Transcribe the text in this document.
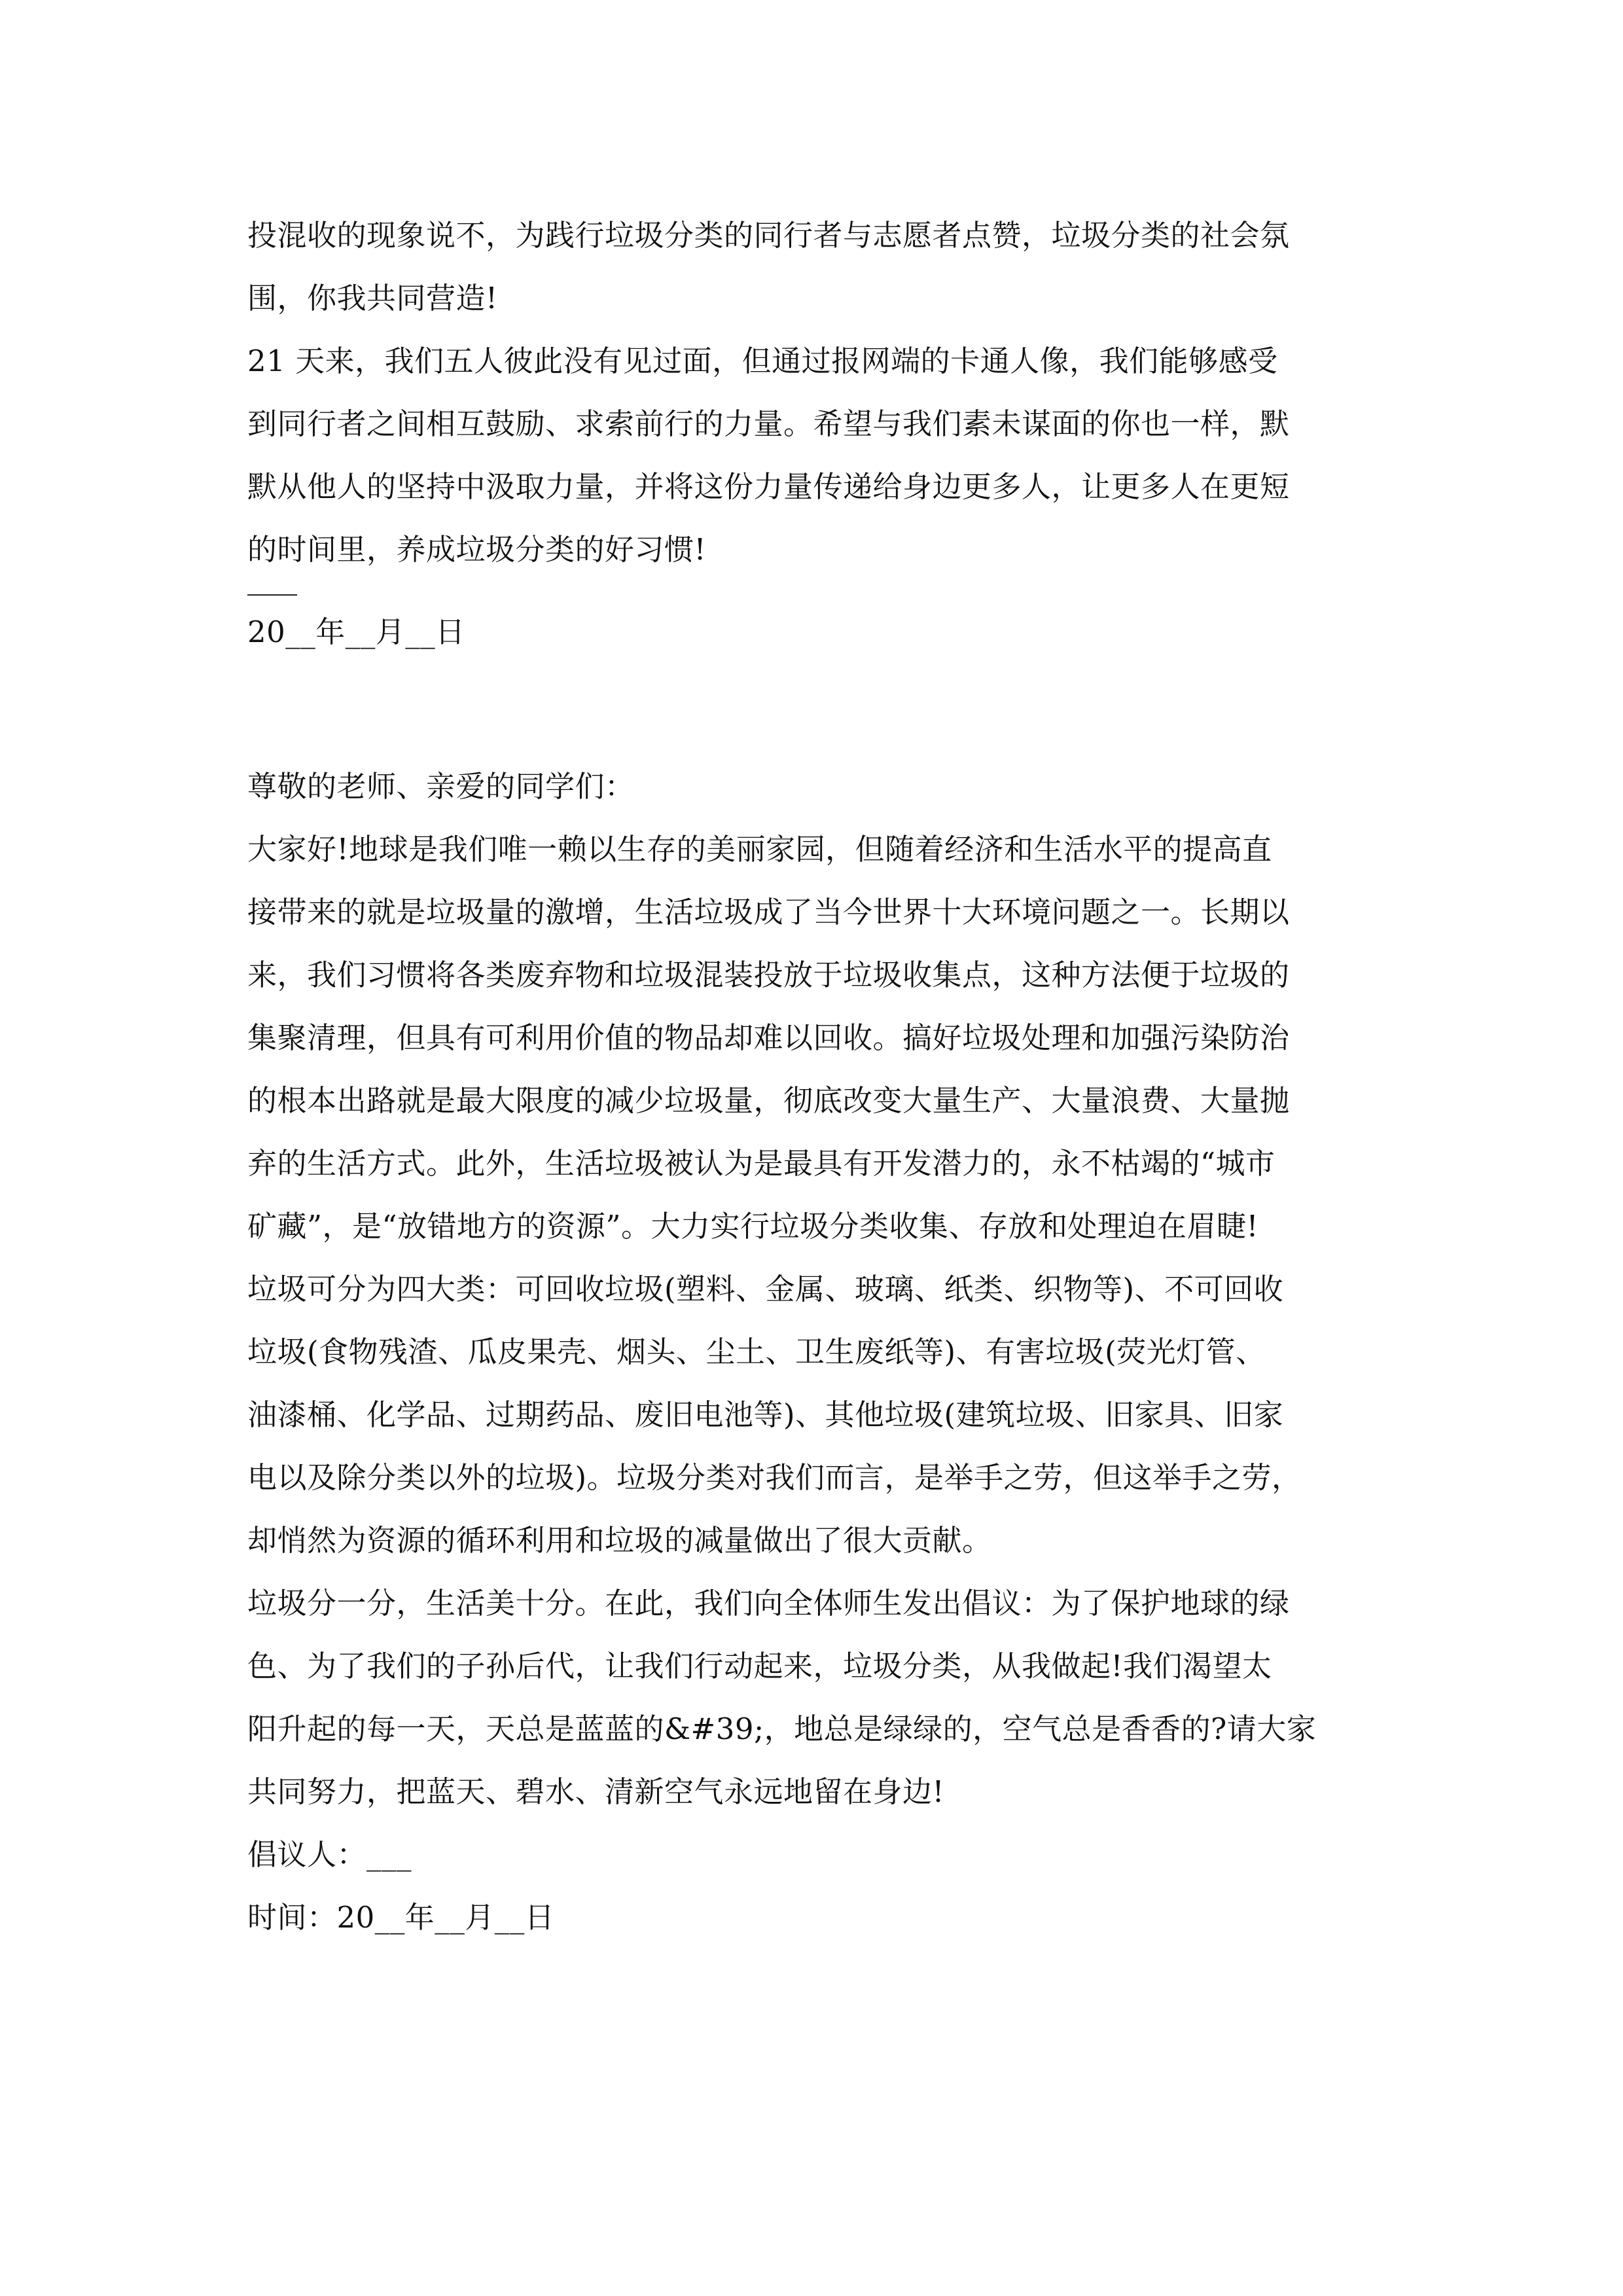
投混收的现象说不，为践行垃圾分类的同行者与志愿者点赞，垃圾分类的社会氛
围，你我共同营造!
21 天来，我们五人彼此没有见过面，但通过报网端的卡通人像，我们能够感受
到同行者之间相互鼓励、求索前行的力量。希望与我们素未谋面的你也一样，默
默从他人的坚持中汲取力量，并将这份力量传递给身边更多人，让更多人在更短
的时间里，养成垃圾分类的好习惯!
20__年__月__日
尊敬的老师、亲爱的同学们：
大家好!地球是我们唯一赖以生存的美丽家园，但随着经济和生活水平的提高直
接带来的就是垃圾量的激增，生活垃圾成了当今世界十大环境问题之一。长期以
来，我们习惯将各类废弃物和垃圾混装投放于垃圾收集点，这种方法便于垃圾的
集聚清理，但具有可利用价值的物品却难以回收。搞好垃圾处理和加强污染防治
的根本出路就是最大限度的减少垃圾量，彻底改变大量生产、大量浪费、大量抛
弃的生活方式。此外，生活垃圾被认为是最具有开发潜力的，永不枯竭的“城市
矿藏”，是“放错地方的资源”。大力实行垃圾分类收集、存放和处理迫在眉睫!
垃圾可分为四大类：可回收垃圾(塑料、金属、玻璃、纸类、织物等)、不可回收
垃圾(食物残渣、瓜皮果壳、烟头、尘土、卫生废纸等)、有害垃圾(荧光灯管、
油漆桶、化学品、过期药品、废旧电池等)、其他垃圾(建筑垃圾、旧家具、旧家
电以及除分类以外的垃圾)。垃圾分类对我们而言，是举手之劳，但这举手之劳，
却悄然为资源的循环利用和垃圾的减量做出了很大贡献。
垃圾分一分，生活美十分。在此，我们向全体师生发出倡议：为了保护地球的绿
色、为了我们的子孙后代，让我们行动起来，垃圾分类，从我做起!我们渴望太
阳升起的每一天，天总是蓝蓝的&#39;，地总是绿绿的，空气总是香香的?请大家
共同努力，把蓝天、碧水、清新空气永远地留在身边!
倡议人：___
时间：20__年__月__日
